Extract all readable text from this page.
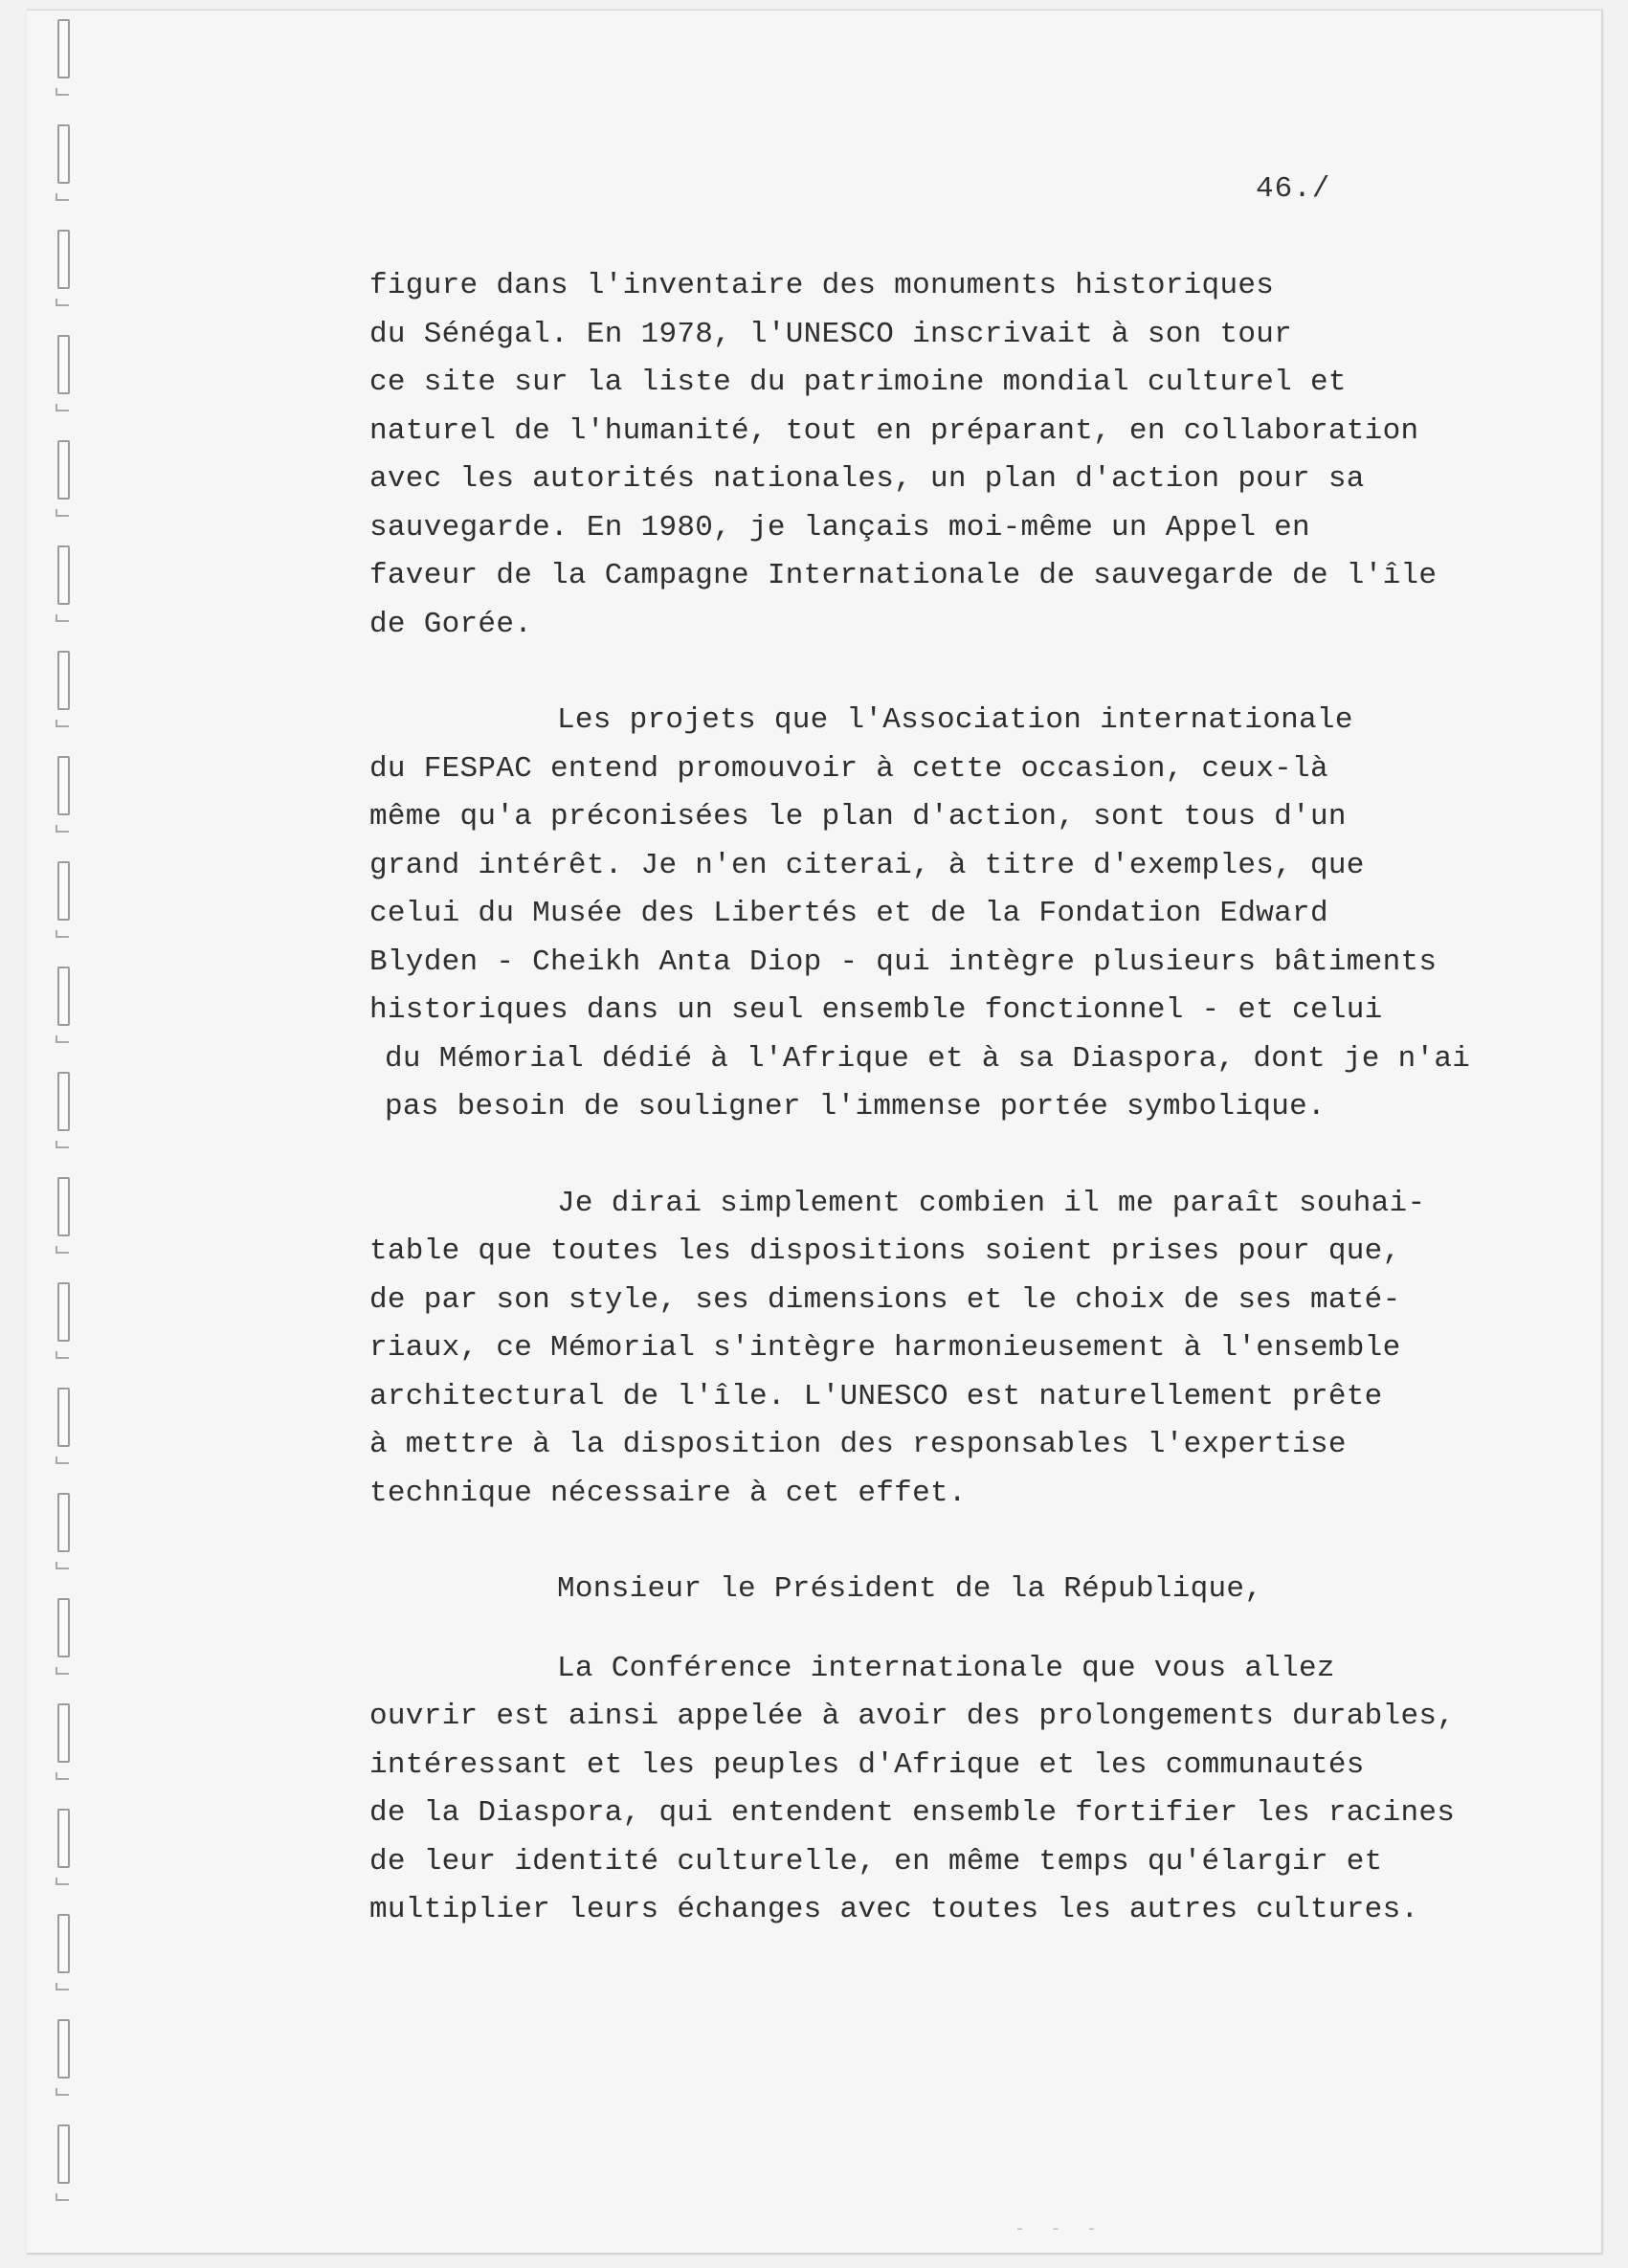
46./
figure dans l'inventaire des monuments historiques
du Sénégal. En 1978, l'UNESCO inscrivait à son tour
ce site sur la liste du patrimoine mondial culturel et
naturel de l'humanité, tout en préparant, en collaboration
avec les autorités nationales, un plan d'action pour sa
sauvegarde. En 1980, je lançais moi-même un Appel en
faveur de la Campagne Internationale de sauvegarde de l'île
de Gorée.
Les projets que l'Association internationale
du FESPAC entend promouvoir à cette occasion, ceux-là
même qu'a préconisées le plan d'action, sont tous d'un
grand intérêt. Je n'en citerai, à titre d'exemples, que
celui du Musée des Libertés et de la Fondation Edward
Blyden - Cheikh Anta Diop - qui intègre plusieurs bâtiments
historiques dans un seul ensemble fonctionnel - et celui
du Mémorial dédié à l'Afrique et à sa Diaspora, dont je n'ai
pas besoin de souligner l'immense portée symbolique.
Je dirai simplement combien il me paraît souhai-
table que toutes les dispositions soient prises pour que,
de par son style, ses dimensions et le choix de ses maté-
riaux, ce Mémorial s'intègre harmonieusement à l'ensemble
architectural de l'île. L'UNESCO est naturellement prête
à mettre à la disposition des responsables l'expertise
technique nécessaire à cet effet.
Monsieur le Président de la République,
La Conférence internationale que vous allez
ouvrir est ainsi appelée à avoir des prolongements durables,
intéressant et les peuples d'Afrique et les communautés
de la Diaspora, qui entendent ensemble fortifier les racines
de leur identité culturelle, en même temps qu'élargir et
multiplier leurs échanges avec toutes les autres cultures.
- - -
